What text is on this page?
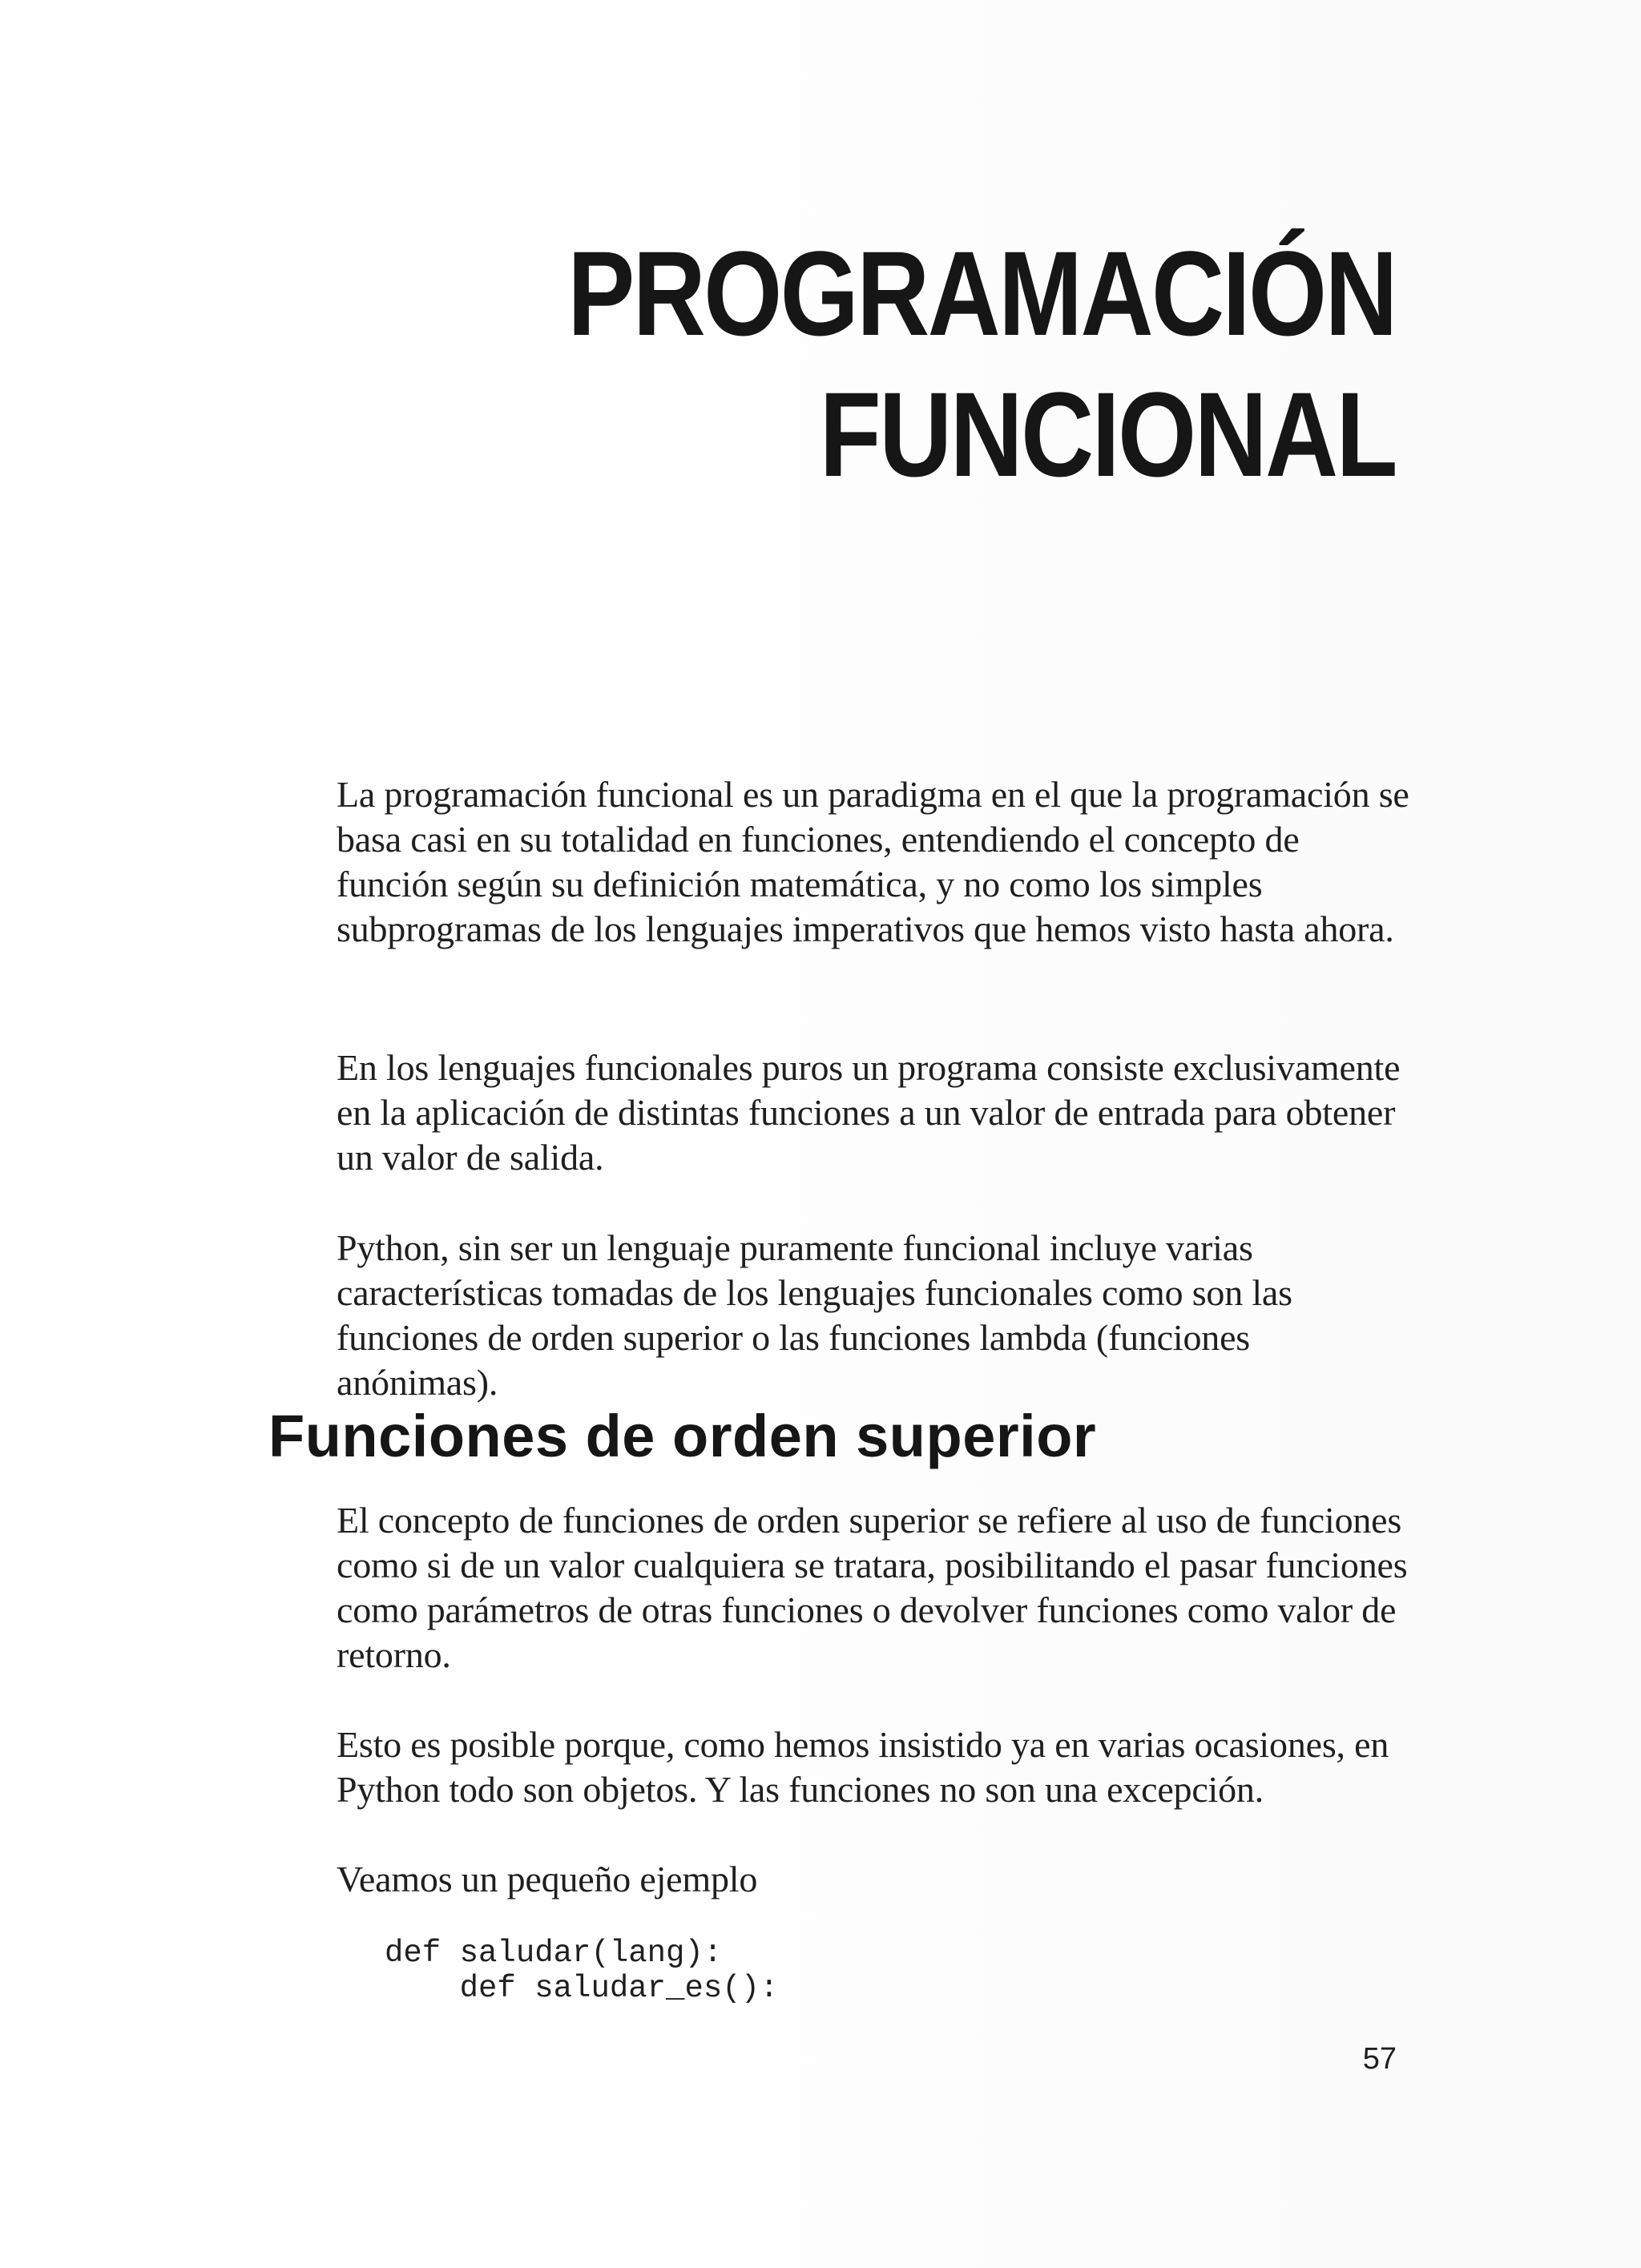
PROGRAMACIÓN
FUNCIONAL

La programación funcional es un paradigma en el que la programación se basa casi en su totalidad en funciones, entendiendo el concepto de función según su definición matemática, y no como los simples subprogramas de los lenguajes imperativos que hemos visto hasta ahora.

En los lenguajes funcionales puros un programa consiste exclusivamente en la aplicación de distintas funciones a un valor de entrada para obtener un valor de salida.

Python, sin ser un lenguaje puramente funcional incluye varias características tomadas de los lenguajes funcionales como son las funciones de orden superior o las funciones lambda (funciones anónimas).

Funciones de orden superior

El concepto de funciones de orden superior se refiere al uso de funciones como si de un valor cualquiera se tratara, posibilitando el pasar funciones como parámetros de otras funciones o devolver funciones como valor de retorno.

Esto es posible porque, como hemos insistido ya en varias ocasiones, en Python todo son objetos. Y las funciones no son una excepción.

Veamos un pequeño ejemplo

def saludar(lang):
def saludar_es():

57
